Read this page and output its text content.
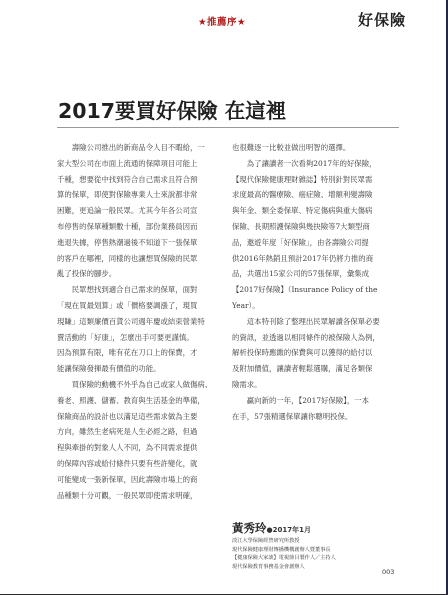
★推薦序★	好保險
2017要買好保險 在這裡
　　壽險公司推出的新商品令人目不暇給，一
家大型公司在市面上流通的保障項目可能上
千種，想要從中找到符合自己需求且符合預
算的保單，即使對保險專業人士來說都非常
困難，更追論一般民眾。尤其今年各公司宣
布停售的保單種類數十種，部份業務員因而
進退失據，停售熱潮過後不知道下一張保單
的客戶在哪裡，同樣的也讓想買保險的民眾
亂了投保的腳步。
　　民眾想找到適合自己需求的保單，面對
「現在買最划算」或「價格要調漲了，現買
現賺」這類廉價百貨公司週年慶或結束營業特
賣活動的「好康」，怎麼出手可要更謹慎。
因為預算有限，唯有花在刀口上的保費，才
能讓保險發揮最有價值的功能。
　　買保險的動機不外乎為自己或家人做傷病、
養老、照護、儲蓄、教育與生活基金的準備，
保險商品的設計也以滿足這些需求做為主要
方向，雖然生老病死是人生必經之路，但過
程與牽掛的對象人人不同，為不同需求提供
的保障內容或給付條件只要有些許變化，就
可能變成一張新保單，因此壽險市場上的商
品種類十分可觀，一般民眾即使需求明確，
也很難逐一比較並做出明智的選擇。
　　為了讓讀者一次看夠2017年的好保險，
【現代保險健康理財雜誌】特別針對民眾需
求度最高的醫療險、癌症險、增額利變壽險
與年金、類全委保單、特定傷病與重大傷病
保險、長期照護保險與幾抉險等7大類型商
品，邀遊年度「好保險」，由各壽險公司提
供2016年熱銷且預計2017年仍將力推的商
品，共選出15家公司的57張保單，彙集成
【2017好保險】（Insurance Policy of the
Year）。
　　這本特刊除了整理出民眾解讀各保單必要
的資訊，並透過以相同條件的被保險人為例，
解析投保時應繳的保費與可以獲得的給付以
及附加價值，讓讀者輕鬆選購，滿足各類保
險需求。
　　贏向新的一年，【2017好保險】，一本
在手，57張精選保單讓你聰明投保。
黃秀玲●2017年1月
淡江大學保險經營研究所教授
現代保險健康理財傳播機構創辦人暨董事長
【健康保險大家談】電視節目製作人／主持人
現代保險教育事務基金會創辦人
003
